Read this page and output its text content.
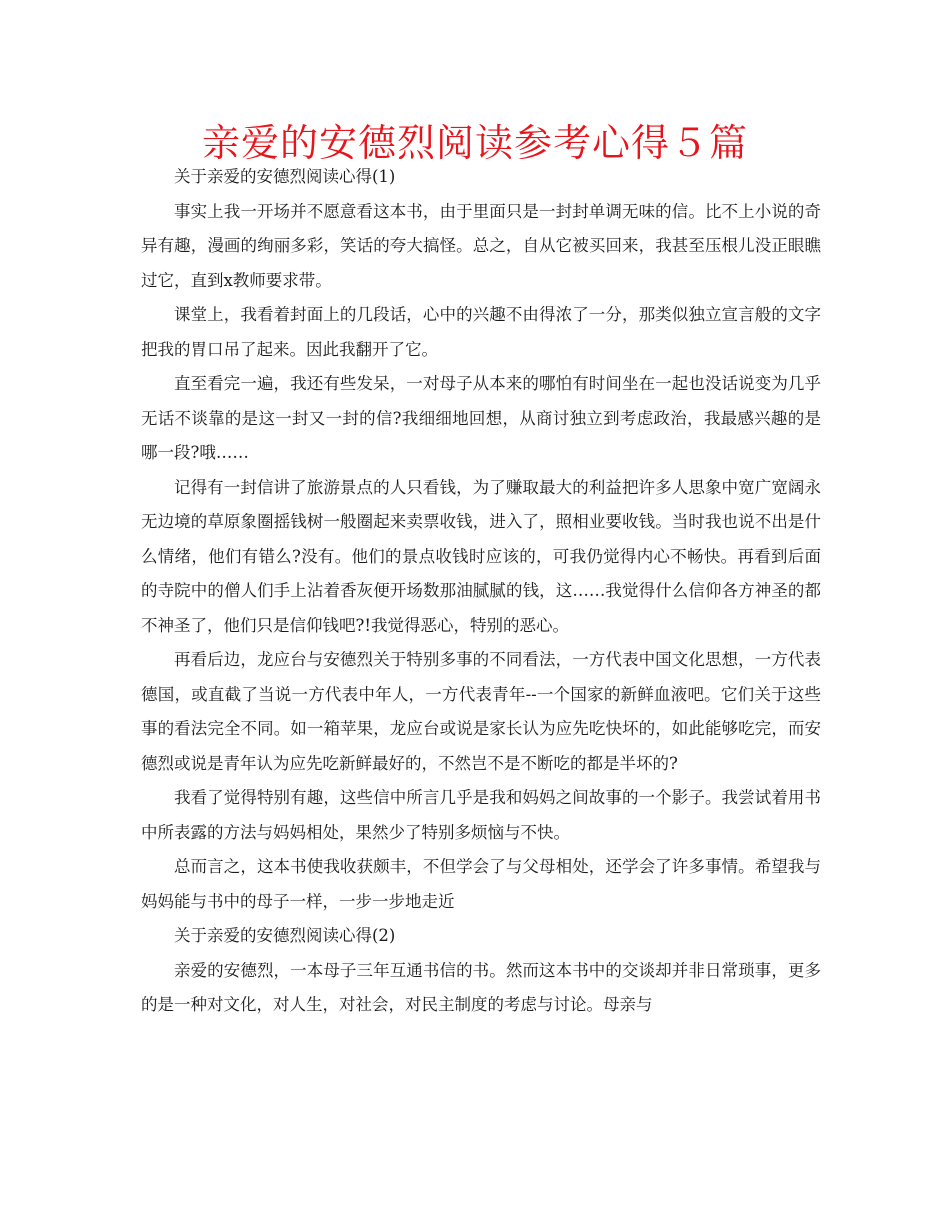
亲爱的安德烈阅读参考心得５篇

关于亲爱的安德烈阅读心得(1)

事实上我一开场并不愿意看这本书，由于里面只是一封封单调无味的信。比不上小说的奇异有趣，漫画的绚丽多彩，笑话的夸大搞怪。总之，自从它被买回来，我甚至压根儿没正眼瞧过它，直到x教师要求带。

课堂上，我看着封面上的几段话，心中的兴趣不由得浓了一分，那类似独立宣言般的文字把我的胃口吊了起来。因此我翻开了它。

直至看完一遍，我还有些发呆，一对母子从本来的哪怕有时间坐在一起也没话说变为几乎无话不谈靠的是这一封又一封的信?我细细地回想，从商讨独立到考虑政治，我最感兴趣的是哪一段?哦……

记得有一封信讲了旅游景点的人只看钱，为了赚取最大的利益把许多人思象中宽广宽阔永无边境的草原象圈摇钱树一般圈起来卖票收钱，进入了，照相业要收钱。当时我也说不出是什么情绪，他们有错么?没有。他们的景点收钱时应该的，可我仍觉得内心不畅快。再看到后面的寺院中的僧人们手上沾着香灰便开场数那油腻腻的钱，这……我觉得什么信仰各方神圣的都不神圣了，他们只是信仰钱吧?!我觉得恶心，特别的恶心。

再看后边，龙应台与安德烈关于特别多事的不同看法，一方代表中国文化思想，一方代表德国，或直截了当说一方代表中年人，一方代表青年--一个国家的新鲜血液吧。它们关于这些事的看法完全不同。如一箱苹果，龙应台或说是家长认为应先吃快坏的，如此能够吃完，而安德烈或说是青年认为应先吃新鲜最好的，不然岂不是不断吃的都是半坏的?

我看了觉得特别有趣，这些信中所言几乎是我和妈妈之间故事的一个影子。我尝试着用书中所表露的方法与妈妈相处，果然少了特别多烦恼与不快。

总而言之，这本书使我收获颇丰，不但学会了与父母相处，还学会了许多事情。希望我与妈妈能与书中的母子一样，一步一步地走近

关于亲爱的安德烈阅读心得(2)

亲爱的安德烈，一本母子三年互通书信的书。然而这本书中的交谈却并非日常琐事，更多的是一种对文化，对人生，对社会，对民主制度的考虑与讨论。母亲与
